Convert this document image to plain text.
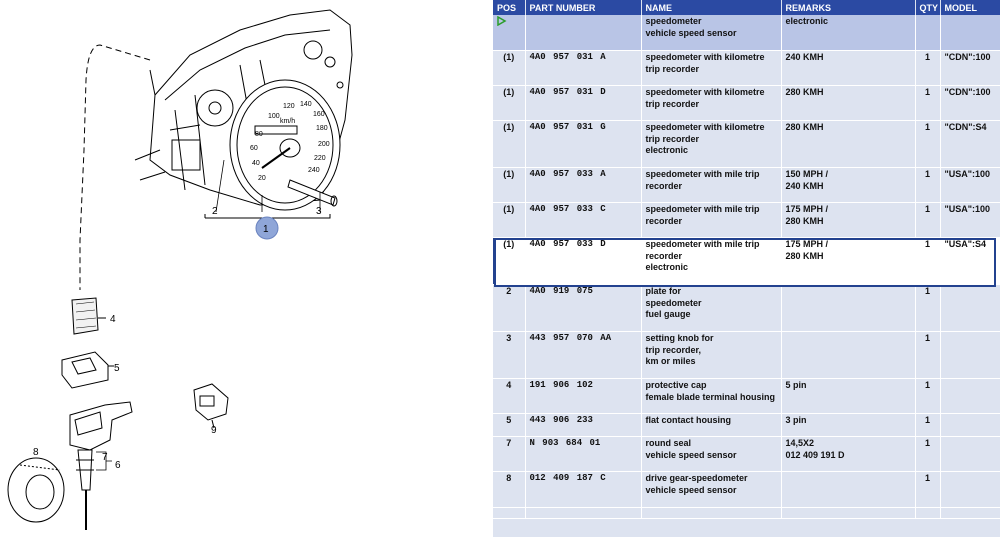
1
2	3
4
5
6
7
8
9
20
40
60
80
100
120 140
160
180
200
220
240
km/h
POS	PART NUMBER	NAME	REMARKS	QTY	MODEL
		speedometer
vehicle speed sensor	electronic		
(1)	4A0 957 031 A	speedometer with kilometre
trip recorder	240 KMH	1	"CDN":100
(1)	4A0 957 031 D	speedometer with kilometre
trip recorder	280 KMH	1	"CDN":100
(1)	4A0 957 031 G	speedometer with kilometre
trip recorder
electronic	280 KMH	1	"CDN":S4
(1)	4A0 957 033 A	speedometer with mile trip
recorder	150 MPH /
240 KMH	1	"USA":100
(1)	4A0 957 033 C	speedometer with mile trip
recorder	175 MPH /
280 KMH	1	"USA":100
(1)	4A0 957 033 D	speedometer with mile trip
recorder
electronic	175 MPH /
280 KMH	1	"USA":S4
2	4A0 919 075	plate for
speedometer
fuel gauge		1	
3	443 957 070 AA	setting knob for
trip recorder,
km or miles		1	
4	191 906 102	protective cap
female blade terminal housing	5 pin	1	
5	443 906 233	flat contact housing	3 pin	1	
7	N 903 684 01	round seal
vehicle speed sensor	14,5X2
012 409 191 D	1	
8	012 409 187 C	drive gear-speedometer
vehicle speed sensor		1	
